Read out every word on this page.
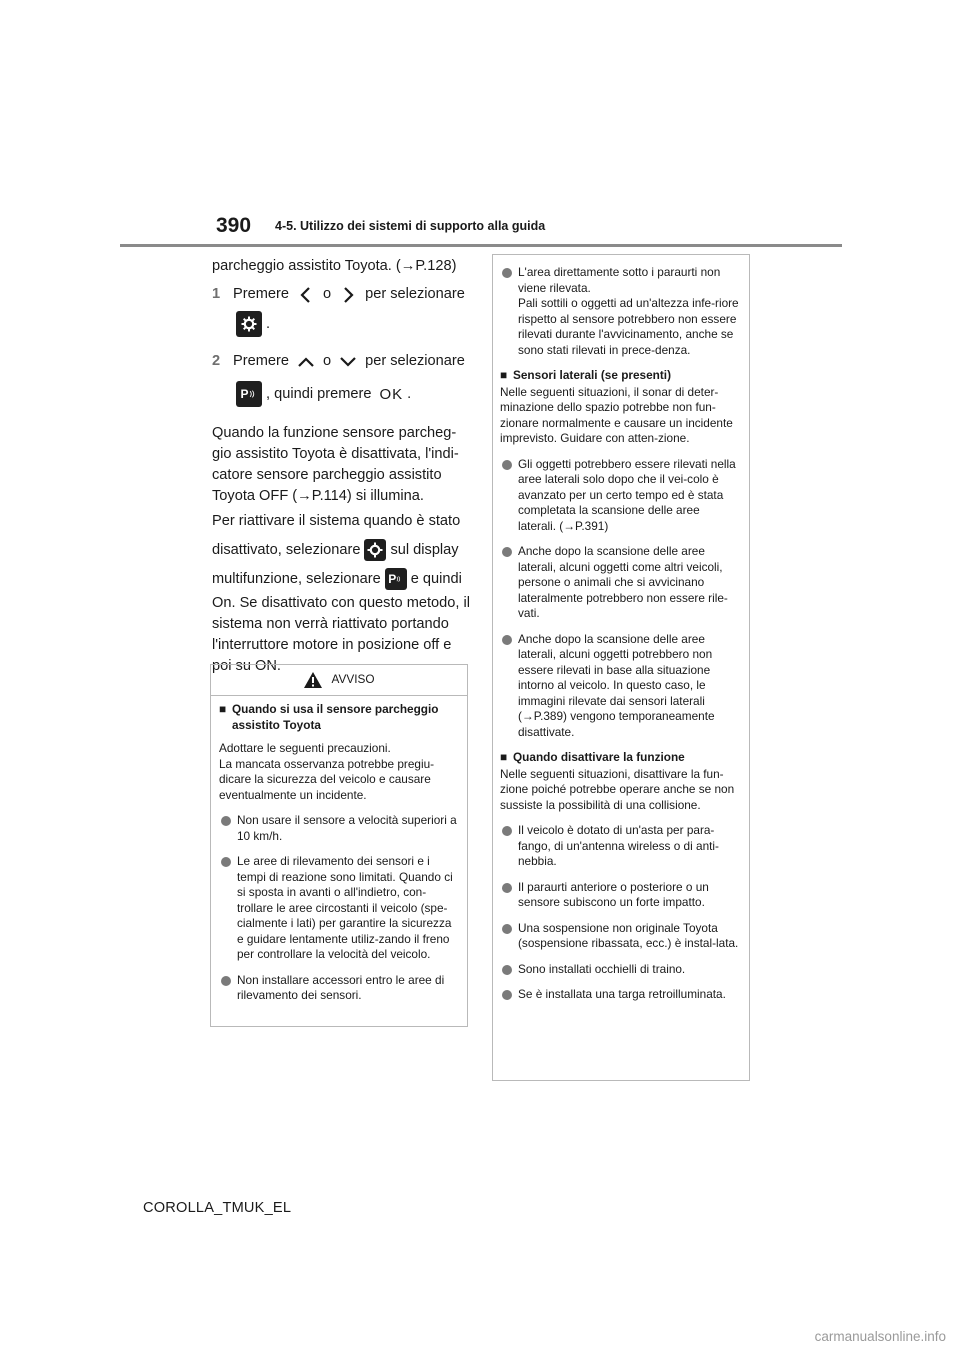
390 4-5. Utilizzo dei sistemi di supporto alla guida

parcheggio assistito Toyota. (→P.128)

1 Premere o per selezionare
.
2 Premere o per selezionare
P	, quindi premere OK .

Quando la funzione sensore parcheg-gio assistito Toyota è disattivata, l'indi-catore sensore parcheggio assistito Toyota OFF (→P.114) si illumina.

Per riattivare il sistema quando è stato

disattivato, selezionare sul display

multifunzione, selezionare P e quindi

On. Se disattivato con questo metodo, il sistema non verrà riattivato portando l'interruttore motore in posizione off e poi su ON.

AVVISO
■ Quando si usa il sensore parcheggio assistito Toyota
Adottare le seguenti precauzioni.
La mancata osservanza potrebbe pregiu-dicare la sicurezza del veicolo e causare eventualmente un incidente.
Non usare il sensore a velocità superiori a 10 km/h.
Le aree di rilevamento dei sensori e i tempi di reazione sono limitati. Quando ci si sposta in avanti o all'indietro, con-trollare le aree circostanti il veicolo (spe-cialmente i lati) per garantire la sicurezza e guidare lentamente utiliz-zando il freno per controllare la velocità del veicolo.
Non installare accessori entro le aree di rilevamento dei sensori.
L'area direttamente sotto i paraurti non viene rilevata.
Pali sottili o oggetti ad un'altezza infe-riore rispetto al sensore potrebbero non essere rilevati durante l'avvicinamento, anche se sono stati rilevati in prece-denza.
■ Sensori laterali (se presenti)
Nelle seguenti situazioni, il sonar di deter-minazione dello spazio potrebbe non fun-zionare normalmente e causare un incidente imprevisto. Guidare con atten-zione.
Gli oggetti potrebbero essere rilevati nella aree laterali solo dopo che il vei-colo è avanzato per un certo tempo ed è stata completata la scansione delle aree laterali. (→P.391)
Anche dopo la scansione delle aree laterali, alcuni oggetti come altri veicoli, persone o animali che si avvicinano lateralmente potrebbero non essere rile-vati.
Anche dopo la scansione delle aree laterali, alcuni oggetti potrebbero non essere rilevati in base alla situazione intorno al veicolo. In questo caso, le immagini rilevate dai sensori laterali (→P.389) vengono temporaneamente disattivate.
■ Quando disattivare la funzione
Nelle seguenti situazioni, disattivare la fun-zione poiché potrebbe operare anche se non sussiste la possibilità di una collisione.
Il veicolo è dotato di un'asta per para-fango, di un'antenna wireless o di anti-nebbia.
Il paraurti anteriore o posteriore o un sensore subiscono un forte impatto.
Una sospensione non originale Toyota (sospensione ribassata, ecc.) è instal-lata.
Sono installati occhielli di traino.
Se è installata una targa retroilluminata.
COROLLA_TMUK_EL
carmanualsonline.info
